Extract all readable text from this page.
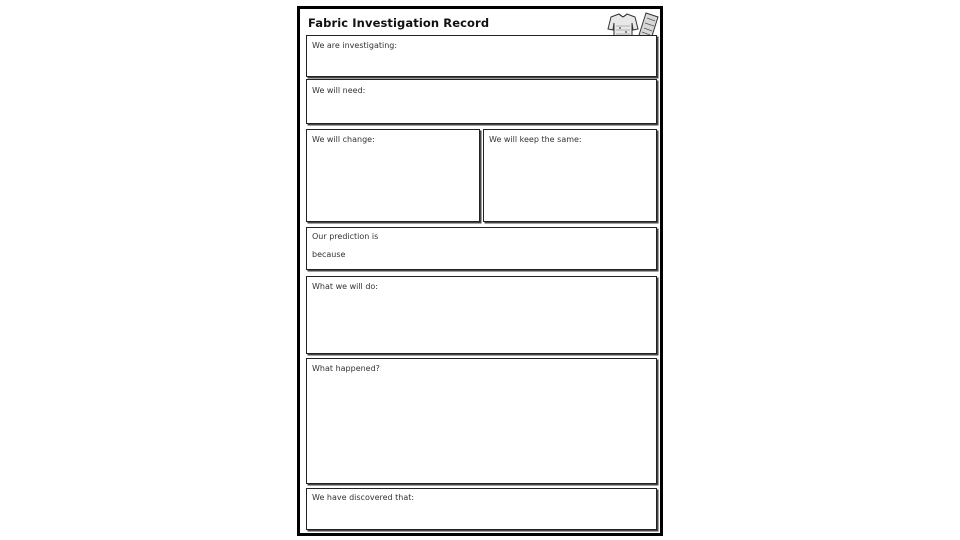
Fabric Investigation Record
We are investigating:
We will need:
We will change:	We will keep the same:
Our prediction is
because
What we will do:
What happened?
We have discovered that:
